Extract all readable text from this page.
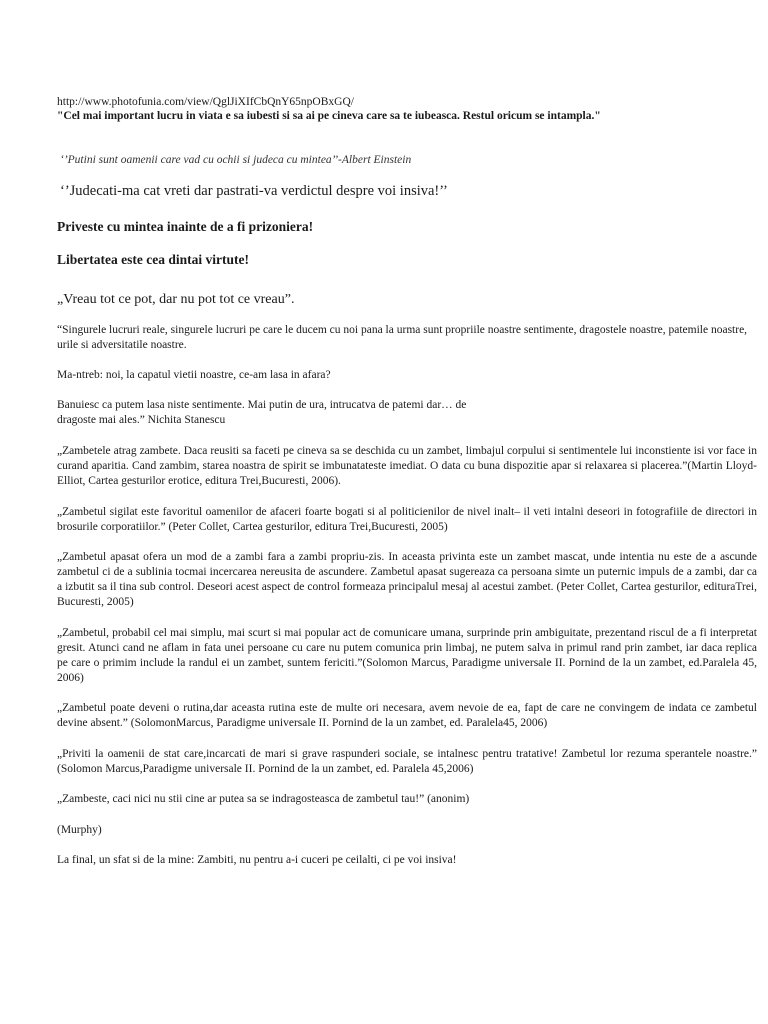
http://www.photofunia.com/view/QglJiXIfCbQnY65npOBxGQ/

"Cel mai important lucru in viata e sa iubesti si sa ai pe cineva care sa te iubeasca. Restul oricum se intampla."

‘’Putini sunt oamenii care vad cu ochii si judeca cu mintea’’-Albert Einstein

‘’Judecati-ma cat vreti dar pastrati-va verdictul despre voi insiva!’’

Priveste cu mintea inainte de a fi prizoniera!

Libertatea este cea dintai virtute!

„Vreau tot ce pot, dar nu pot tot ce vreau”.

“Singurele lucruri reale, singurele lucruri pe care le ducem cu noi pana la urma sunt propriile noastre sentimente, dragostele noastre, patemile noastre, urile si adversitatile noastre.

Ma-ntreb: noi, la capatul vietii noastre, ce-am lasa in afara?

Banuiesc ca putem lasa niste sentimente. Mai putin de ura, intrucatva de patemi dar… de
dragoste mai ales.” Nichita Stanescu

„Zambetele atrag zambete. Daca reusiti sa faceti pe cineva sa se deschida cu un zambet, limbajul corpului si sentimentele lui inconstiente isi vor face in curand aparitia. Cand zambim, starea noastra de spirit se imbunatateste imediat. O data cu buna dispozitie apar si relaxarea si placerea.”(Martin Lloyd-Elliot, Cartea gesturilor erotice, editura Trei,Bucuresti, 2006).

„Zambetul sigilat este favoritul oamenilor de afaceri foarte bogati si al politicienilor de nivel inalt– il veti intalni deseori in fotografiile de directori in brosurile corporatiilor.” (Peter Collet, Cartea gesturilor, editura Trei,Bucuresti, 2005)

„Zambetul apasat ofera un mod de a zambi fara a zambi propriu-zis. In aceasta privinta este un zambet mascat, unde intentia nu este de a ascunde zambetul ci de a sublinia tocmai incercarea nereusita de ascundere. Zambetul apasat sugereaza ca persoana simte un puternic impuls de a zambi, dar ca a izbutit sa il tina sub control. Deseori acest aspect de control formeaza principalul mesaj al acestui zambet. (Peter Collet, Cartea gesturilor, edituraTrei, Bucuresti, 2005)

„Zambetul, probabil cel mai simplu, mai scurt si mai popular act de comunicare umana, surprinde prin ambiguitate, prezentand riscul de a fi interpretat gresit. Atunci cand ne aflam in fata unei persoane cu care nu putem comunica prin limbaj, ne putem salva in primul rand prin zambet, iar daca replica pe care o primim include la randul ei un zambet, suntem fericiti.”(Solomon Marcus, Paradigme universale II. Pornind de la un zambet, ed.Paralela 45, 2006)

„Zambetul poate deveni o rutina,dar aceasta rutina este de multe ori necesara, avem nevoie de ea, fapt de care ne convingem de indata ce zambetul devine absent.” (SolomonMarcus, Paradigme universale II. Pornind de la un zambet, ed. Paralela45, 2006)

„Priviti la oamenii de stat care,incarcati de mari si grave raspunderi sociale, se intalnesc pentru tratative! Zambetul lor rezuma sperantele noastre.” (Solomon Marcus,Paradigme universale II. Pornind de la un zambet, ed. Paralela 45,2006)

„Zambeste, caci nici nu stii cine ar putea sa se indragosteasca de zambetul tau!” (anonim)

(Murphy)

La final, un sfat si de la mine: Zambiti, nu pentru a-i cuceri pe ceilalti, ci pe voi insiva!
